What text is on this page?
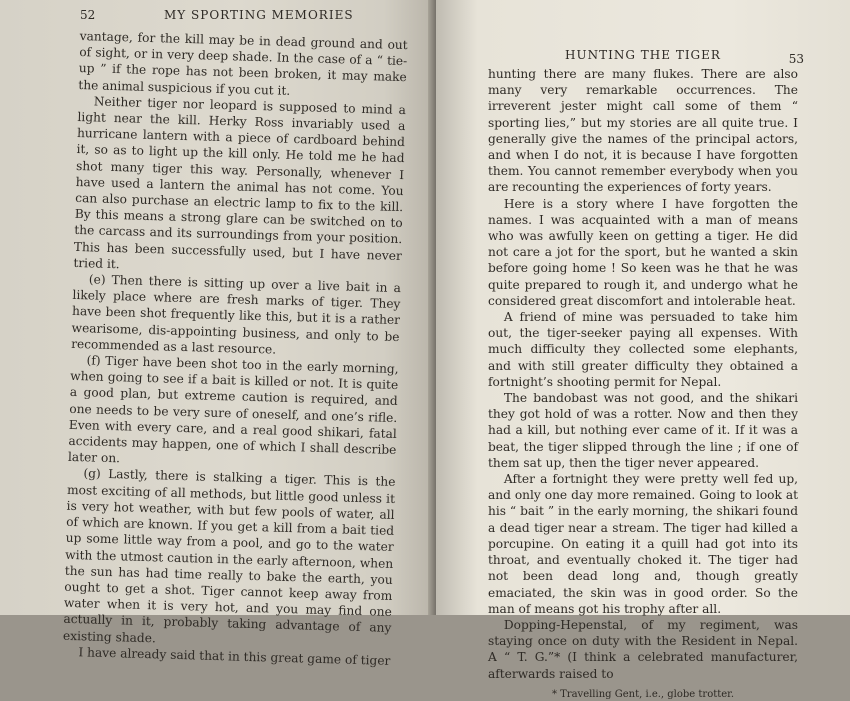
52	MY SPORTING MEMORIES

vantage, for the kill may be in dead ground and out of sight, or in very deep shade. In the case of a “ tie-up ” if the rope has not been broken, it may make the animal suspicious if you cut it.

Neither tiger nor leopard is supposed to mind a light near the kill. Herky Ross invariably used a hurricane lantern with a piece of cardboard behind it, so as to light up the kill only. He told me he had shot many tiger this way. Personally, whenever I have used a lantern the animal has not come. You can also purchase an electric lamp to fix to the kill. By this means a strong glare can be switched on to the carcass and its surroundings from your position. This has been successfully used, but I have never tried it.

(e) Then there is sitting up over a live bait in a likely place where are fresh marks of tiger. They have been shot frequently like this, but it is a rather wearisome, dis-appointing business, and only to be recommended as a last resource.

(f) Tiger have been shot too in the early morning, when going to see if a bait is killed or not. It is quite a good plan, but extreme caution is required, and one needs to be very sure of oneself, and one’s rifle. Even with every care, and a real good shikari, fatal accidents may happen, one of which I shall describe later on.

(g) Lastly, there is stalking a tiger. This is the most exciting of all methods, but little good unless it is very hot weather, with but few pools of water, all of which are known. If you get a kill from a bait tied up some little way from a pool, and go to the water with the utmost caution in the early afternoon, when the sun has had time really to bake the earth, you ought to get a shot. Tiger cannot keep away from water when it is very hot, and you may find one actually in it, probably taking advantage of any existing shade.

I have already said that in this great game of tiger

HUNTING THE TIGER	53

hunting there are many flukes. There are also many very remarkable occurrences. The irreverent jester might call some of them “ sporting lies,” but my stories are all quite true. I generally give the names of the principal actors, and when I do not, it is because I have forgotten them. You cannot remember everybody when you are recounting the experiences of forty years.

Here is a story where I have forgotten the names. I was acquainted with a man of means who was awfully keen on getting a tiger. He did not care a jot for the sport, but he wanted a skin before going home ! So keen was he that he was quite prepared to rough it, and undergo what he considered great discomfort and intolerable heat.

A friend of mine was persuaded to take him out, the tiger-seeker paying all expenses. With much difficulty they collected some elephants, and with still greater difficulty they obtained a fortnight’s shooting permit for Nepal.

The bandobast was not good, and the shikari they got hold of was a rotter. Now and then they had a kill, but nothing ever came of it. If it was a beat, the tiger slipped through the line ; if one of them sat up, then the tiger never appeared.

After a fortnight they were pretty well fed up, and only one day more remained. Going to look at his “ bait ” in the early morning, the shikari found a dead tiger near a stream. The tiger had killed a porcupine. On eating it a quill had got into its throat, and eventually choked it. The tiger had not been dead long and, though greatly emaciated, the skin was in good order. So the man of means got his trophy after all.

Dopping-Hepenstal, of my regiment, was staying once on duty with the Resident in Nepal. A “ T. G.”* (I think a celebrated manufacturer, afterwards raised to

* Travelling Gent, i.e., globe trotter.
